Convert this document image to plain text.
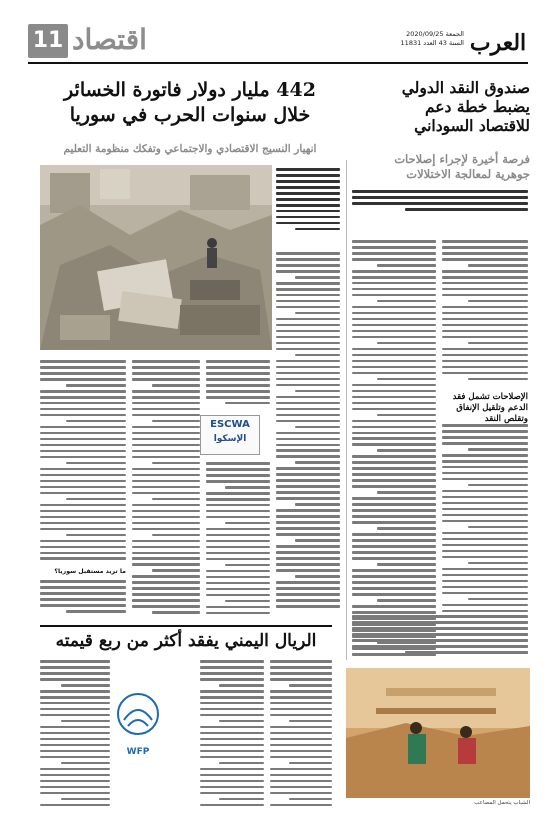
11 اقتصاد	الجمعة 2020/09/25
السنة 43 العدد 11831 العرب
صندوق النقد الدولي يضبط خطة دعم للاقتصاد السوداني
فرصة أخيرة لإجراء إصلاحات جوهرية لمعالجة الاختلالات
الإصلاحات تشمل فقد الدعم وتلقيل الإنفاق وتقلص النقد
442 مليار دولار فاتورة الخسائر
خلال سنوات الحرب في سوريا
انهيار النسيج الاقتصادي والاجتماعي وتفكك منظومة التعليم
ما تريد مستقبل سوريا؟
ESCWA
الإسكوا
الريال اليمني يفقد أكثر من ربع قيمته
WFP
الشباب يتحمل المصاعب
